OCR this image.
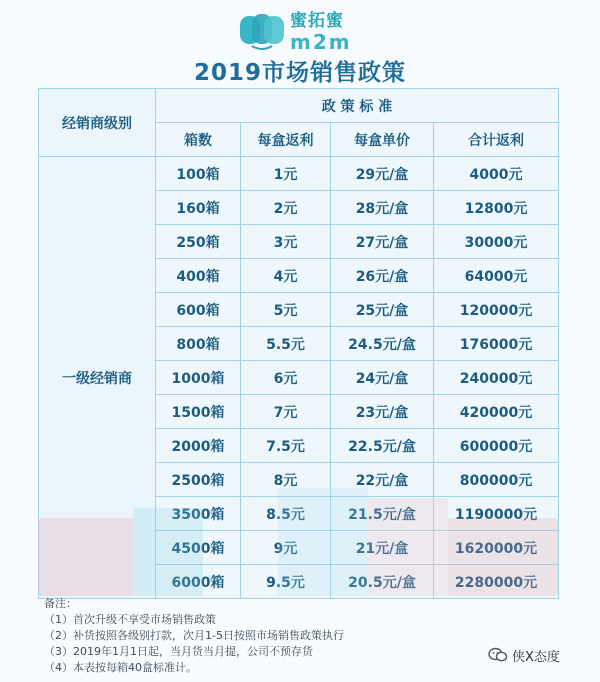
蜜拓蜜
m2m
2019市场销售政策
经销商级别	政 策 标 准			
	箱数	每盒返利	每盒单价	合计返利
一级经销商	100箱	1元	29元/盒	4000元
	160箱	2元	28元/盒	12800元
	250箱	3元	27元/盒	30000元
	400箱	4元	26元/盒	64000元
	600箱	5元	25元/盒	120000元
	800箱	5.5元	24.5元/盒	176000元
	1000箱	6元	24元/盒	240000元
	1500箱	7元	23元/盒	420000元
	2000箱	7.5元	22.5元/盒	600000元
	2500箱	8元	22元/盒	800000元
	3500箱	8.5元	21.5元/盒	1190000元
	4500箱	9元	21元/盒	1620000元
	6000箱	9.5元	20.5元/盒	2280000元
备注：
（1）首次升级不享受市场销售政策
（2）补货按照各级别打款，次月1-5日按照市场销售政策执行
（3）2019年1月1日起，当月货当月提，公司不预存货
（4）本表按每箱40盒标准计。
侠X态度
